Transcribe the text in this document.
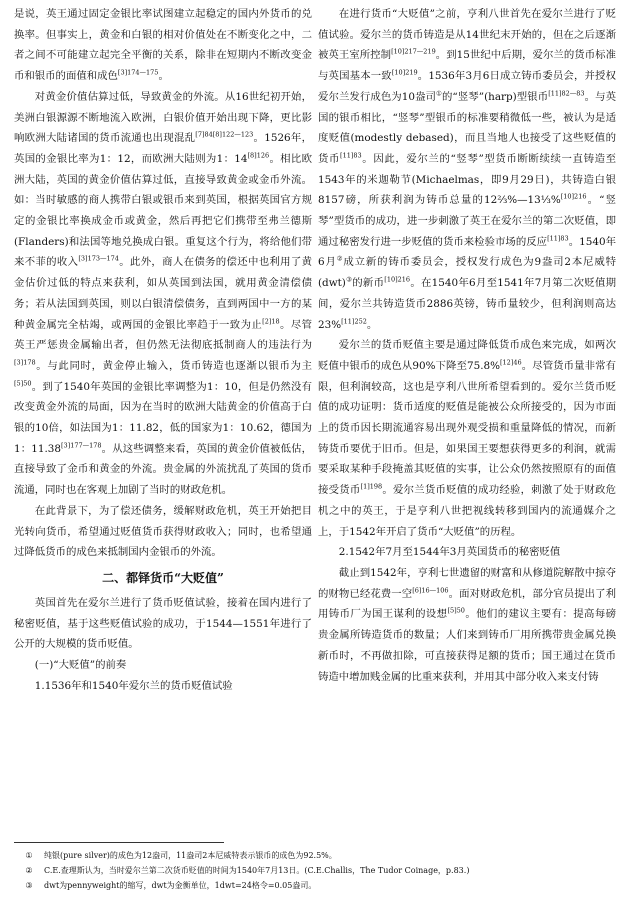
是说，英王通过固定金银比率试图建立起稳定的国内外货币的兑换率。但事实上，黄金和白银的相对价值处在不断变化之中，二者之间不可能建立起完全平衡的关系，除非在短期内不断改变金币和银币的面值和成色$^{[3]174—175}$。

对黄金价值估算过低，导致黄金的外流。从16世纪初开始，美洲白银源源不断地流入欧洲，白银价值开始出现下降，更比影响欧洲大陆诸国的货币流通也出现混乱$^{[7]84[8]122—123}$。1526年，英国的金银比率为1：12，而欧洲大陆则为1：$14^{[8]126}$。相比欧洲大陆，英国的黄金价值估算过低，直接导致黄金或金币外流。如：当时敏感的商人携带白银或银币来到英国，根据英国官方规定的金银比率换成金币或黄金，然后再把它们携带至弗兰德斯(Flanders)和法国等地兑换成白银。重复这个行为，将给他们带来不菲的收入$^{[3]173—174}$。此外，商人在债务的偿还中也利用了黄金估价过低的特点来获利，如从英国到法国，就用黄金清偿债务；若从法国到英国，则以白银清偿债务，直到两国中一方的某种黄金属完全枯竭，或两国的金银比率趋于一致为止$^{[2]18}$。尽管英王严惩贵金属输出者，但仍然无法彻底抵制商人的违法行为$^{[3]178}$。与此同时，黄金停止输入，货币铸造也逐渐以银币为主$^{[5]50}$。到了1540年英国的金银比率调整为1：10，但是仍然没有改变黄金外流的局面，因为在当时的欧洲大陆黄金的价值高于白银的10倍，如法国为1：11.82，低的国家为1：10.62，德国为1：$11.38^{[3]177—178}$。从这些调整来看，英国的黄金价值被低估，直接导致了金币和黄金的外流。贵金属的外流扰乱了英国的货币流通，同时也在客观上加剧了当时的财政危机。

在此背景下，为了偿还债务，缓解财政危机，英王开始把目光转向货币，希望通过贬值货币获得财政收入；同时，也希望通过降低货币的成色来抵制国内金银币的外流。

二、都铎货币“大贬值”

英国首先在爱尔兰进行了货币贬值试验，接着在国内进行了秘密贬值，基于这些贬值试验的成功，于1544—1551年进行了公开的大规模的货币贬值。

(一)“大贬值”的前奏

1.1536年和1540年爱尔兰的货币贬值试验

在进行货币“大贬值”之前，亨利八世首先在爱尔兰进行了贬值试验。爱尔兰的货币铸造是从14世纪末开始的，但在之后逐渐被英王室所控制$^{[10]217—219}$。到15世纪中后期，爱尔兰的货币标准与英国基本一致$^{[10]219}$。1536年3月6日成立铸币委员会，并授权爱尔兰发行成色为10盎司①的“竖琴”(harp)型银币$^{[11]82—83}$。与英国的银币相比，“竖琴”型银币的标准要稍微低一些，被认为是适度贬值(modestly debased)，而且当地人也接受了这些贬值的货币$^{[11]83}$。因此，爱尔兰的“竖琴”型货币断断续续一直铸造至1543年的米迦勒节(Michaelmas，即9月29日)，共铸造白银8157磅，所获利润为铸币总量的12⅔%—13⅓%$^{[10]216}$。“竖琴”型货币的成功，进一步刺激了英王在爱尔兰的第二次贬值，即通过秘密发行进一步贬值的货币来检验市场的反应$^{[11]83}$。1540年6月②成立新的铸币委员会，授权发行成色为9盎司2本尼威特(dwt)③的新币$^{[10]216}$。在1540年6月至1541年7月第二次贬值期间，爱尔兰共铸造货币2886英镑，铸币量较少，但利润则高达23%$^{[11]252}$。

爱尔兰的货币贬值主要是通过降低货币成色来完成，如两次贬值中银币的成色从90%下降至75.8%$^{[12]46}$。尽管货币量非常有限，但利润较高，这也是亨利八世所希望看到的。爱尔兰货币贬值的成功证明：货币适度的贬值是能被公众所接受的，因为市面上的货币因长期流通容易出现外观受损和重量降低的情况，而新铸货币要优于旧币。但是，如果国王要想获得更多的利润，就需要采取某种手段掩盖其贬值的实事，让公众仍然按照原有的面值接受货币$^{[1]198}$。爱尔兰货币贬值的成功经验，刺激了处于财政危机之中的英王，于是亨利八世把视线转移到国内的流通媒介之上，于1542年开启了货币“大贬值”的历程。

2.1542年7月至1544年3月英国货币的秘密贬值

截止到1542年，亨利七世遗留的财富和从修道院解散中掠夺的财物已经花费一空$^{[6]16—106}$。面对财政危机，部分官员提出了利用铸币厂为国王谋利的设想$^{[5]50}$。他们的建议主要有：提高每磅贵金属所铸造货币的数量；人们来到铸币厂用所携带贵金属兑换新币时，不再做扣除，可直接获得足额的货币；国王通过在货币铸造中增加贱金属的比重来获利，并用其中部分收入来支付铸

①	纯银(pure silver)的成色为12盎司，11盎司2本尼威特表示银币的成色为92.5%。
②	C.E.查理斯认为，当时爱尔兰第二次货币贬值的时间为1540年7月13日。(C.E.Challis，The Tudor Coinage，p.83.)
③	dwt为pennyweight的缩写，dwt为金衡单位，1dwt=24格令=0.05盎司。
